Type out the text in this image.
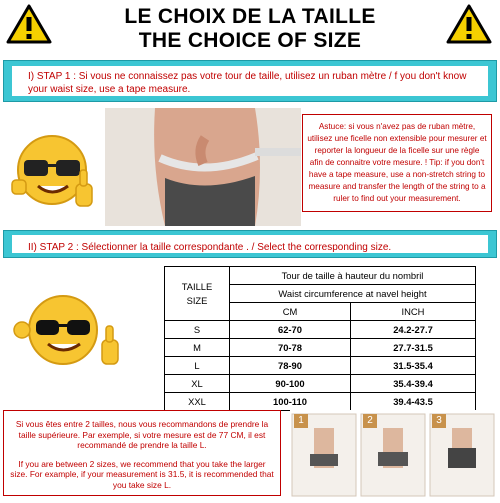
LE CHOIX DE LA TAILLE
THE CHOICE OF SIZE
I) STAP 1 : Si vous ne connaissez pas votre tour de taille, utilisez un ruban mètre / f you don't know your waist size, use a tape measure.
Astuce: si vous n'avez pas de ruban mètre, utilisez une ficelle non extensible pour mesurer et reporter la longueur de la ficelle sur une règle afin de connaitre votre mesure. ! Tip: if you don't have a tape measure, use a non-stretch string to measure and transfer the length of the string to a ruler to find out your measurement.
II) STAP 2 : Sélectionner la taille correspondante . / Select the corresponding size.
TAILLE SIZE	Tour de taille à hauteur du nombril	
	Waist circumference at navel height	
	CM	INCH
S	62-70	24.2-27.7
M	70-78	27.7-31.5
L	78-90	31.5-35.4
XL	90-100	35.4-39.4
XXL	100-110	39.4-43.5
Si vous êtes entre 2 tailles, nous vous recommandons de prendre la taille supérieure. Par exemple, si votre mesure est de 77 CM, il est recommandé de prendre la taille L.
If you are between 2 sizes, we recommend that you take the larger size. For example, if your measurement is 31.5, it is recommended that you take size L.
1	2	3
